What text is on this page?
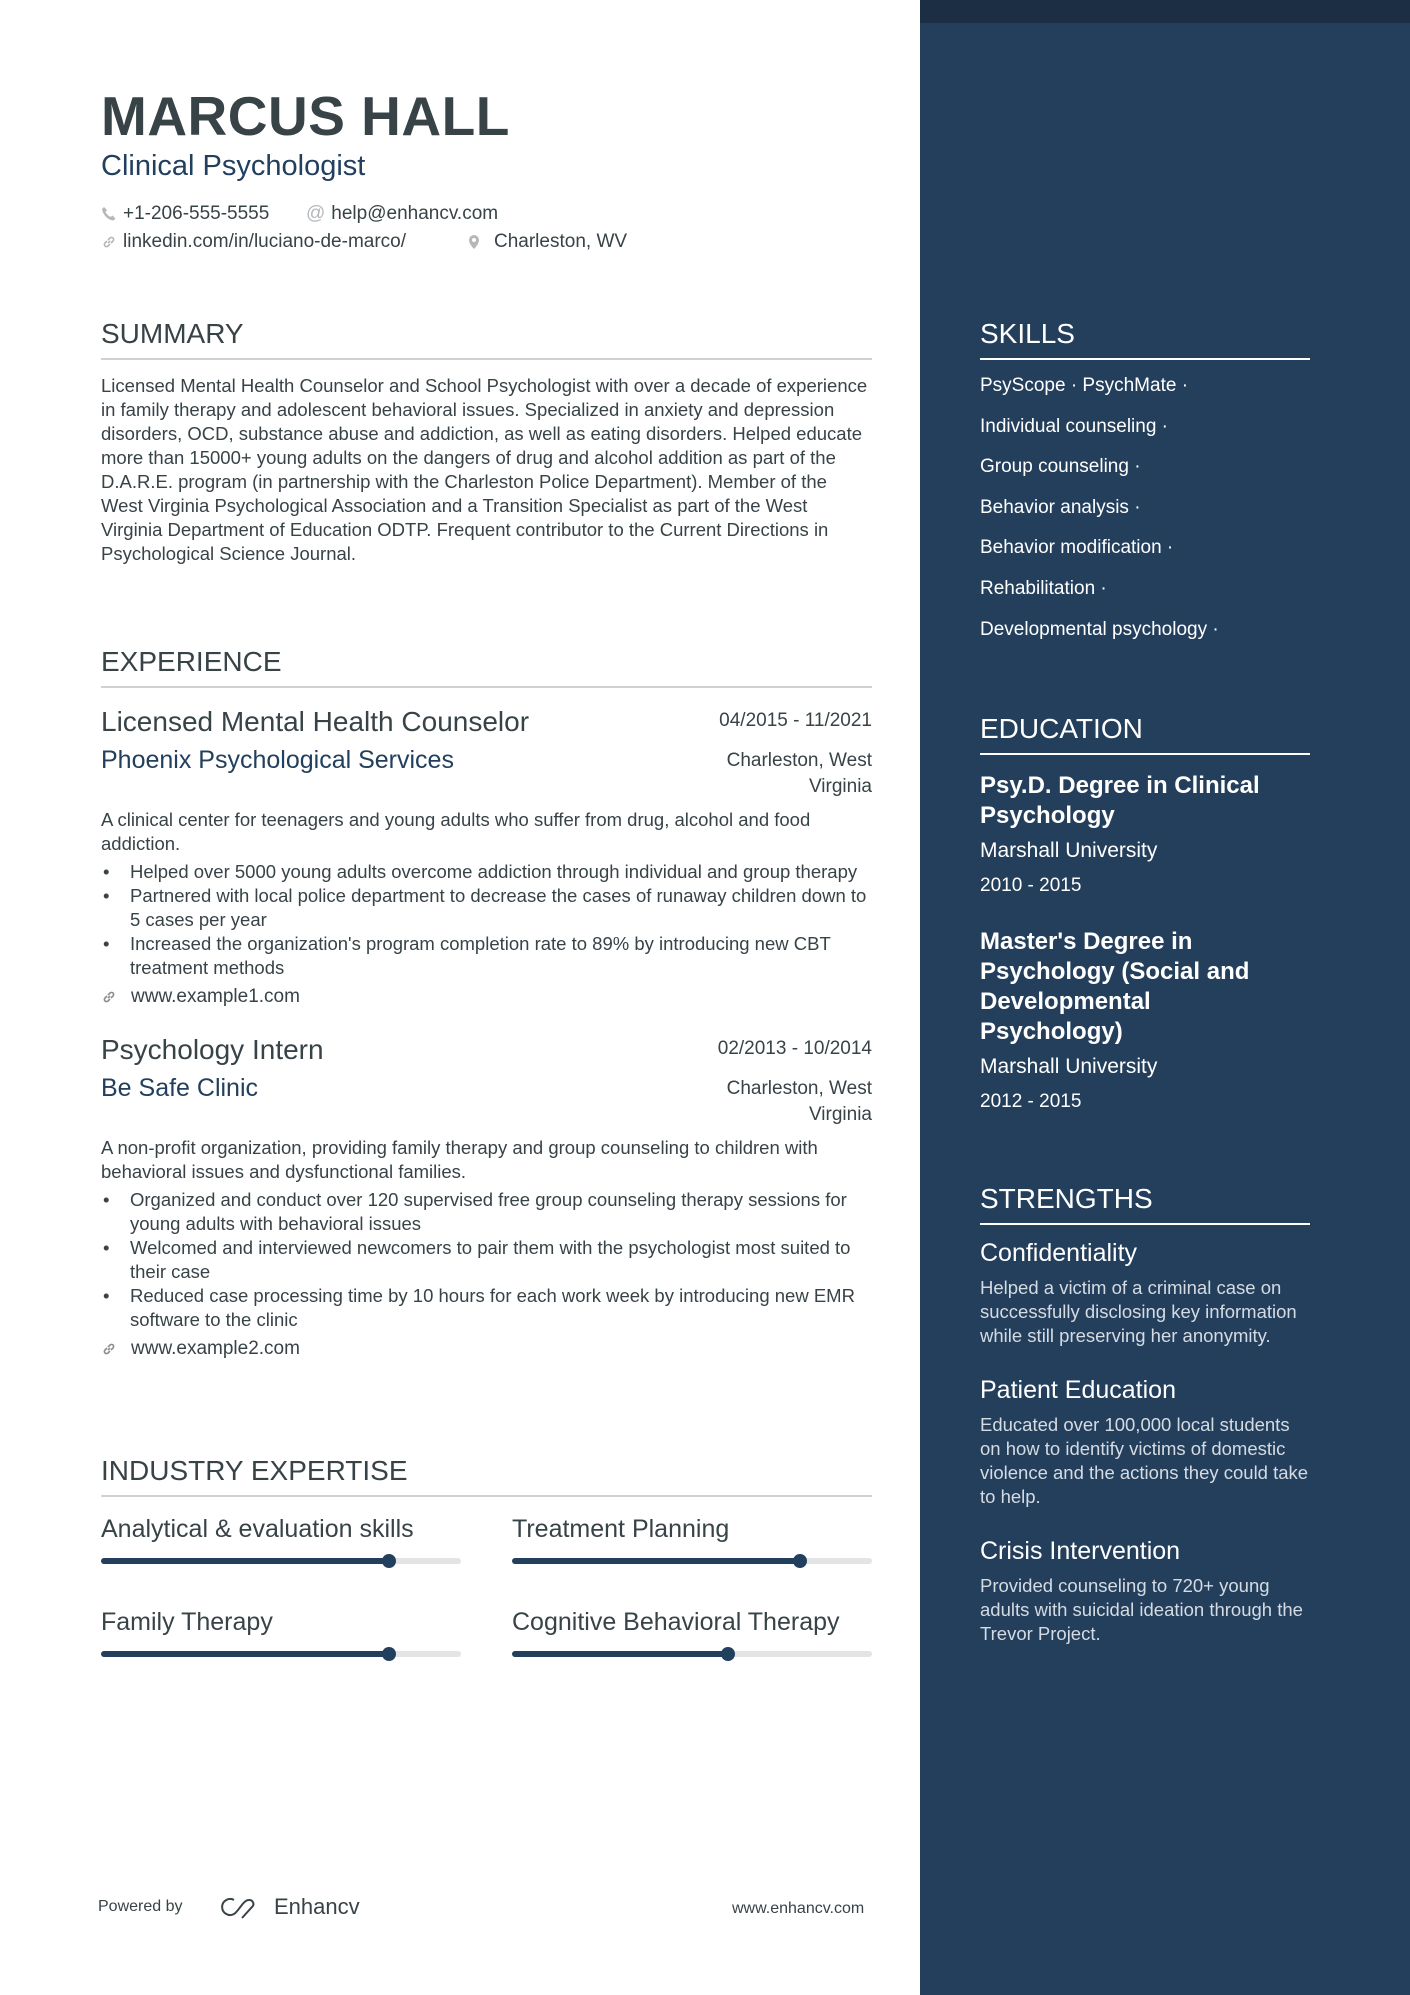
MARCUS HALL
Clinical Psychologist
+1-206-555-5555 @ help@enhancv.com
linkedin.com/in/luciano-de-marco/	Charleston, WV
SUMMARY

Licensed Mental Health Counselor and School Psychologist with over a decade of experience in family therapy and adolescent behavioral issues. Specialized in anxiety and depression disorders, OCD, substance abuse and addiction, as well as eating disorders. Helped educate more than 15000+ young adults on the dangers of drug and alcohol addition as part of the D.A.R.E. program (in partnership with the Charleston Police Department). Member of the West Virginia Psychological Association and a Transition Specialist as part of the West Virginia Department of Education ODTP. Frequent contributor to the Current Directions in Psychological Science Journal.

EXPERIENCE
Licensed Mental Health Counselor	04/2015 - 11/2021
Phoenix Psychological Services	Charleston, West Virginia

A clinical center for teenagers and young adults who suffer from drug, alcohol and food addiction.

• Helped over 5000 young adults overcome addiction through individual and group therapy
• Partnered with local police department to decrease the cases of runaway children down to 5 cases per year
• Increased the organization's program completion rate to 89% by introducing new CBT treatment methods
www.example1.com
Psychology Intern	02/2013 - 10/2014
Be Safe Clinic	Charleston, West Virginia

A non-profit organization, providing family therapy and group counseling to children with behavioral issues and dysfunctional families.

• Organized and conduct over 120 supervised free group counseling therapy sessions for young adults with behavioral issues
• Welcomed and interviewed newcomers to pair them with the psychologist most suited to their case
• Reduced case processing time by 10 hours for each work week by introducing new EMR software to the clinic
www.example2.com
INDUSTRY EXPERTISE
Analytical & evaluation skills	Treatment Planning
Family Therapy	Cognitive Behavioral Therapy
Powered by	Enhancv	www.enhancv.com
SKILLS
PsyScope · PsychMate ·
Individual counseling ·
Group counseling ·
Behavior analysis ·
Behavior modification ·
Rehabilitation ·
Developmental psychology ·
EDUCATION
Psy.D. Degree in Clinical Psychology
Marshall University
2010 - 2015
Master's Degree in Psychology (Social and Developmental Psychology)
Marshall University
2012 - 2015
STRENGTHS
Confidentiality

Helped a victim of a criminal case on successfully disclosing key information while still preserving her anonymity.

Patient Education

Educated over 100,000 local students on how to identify victims of domestic violence and the actions they could take to help.

Crisis Intervention

Provided counseling to 720+ young adults with suicidal ideation through the Trevor Project.
